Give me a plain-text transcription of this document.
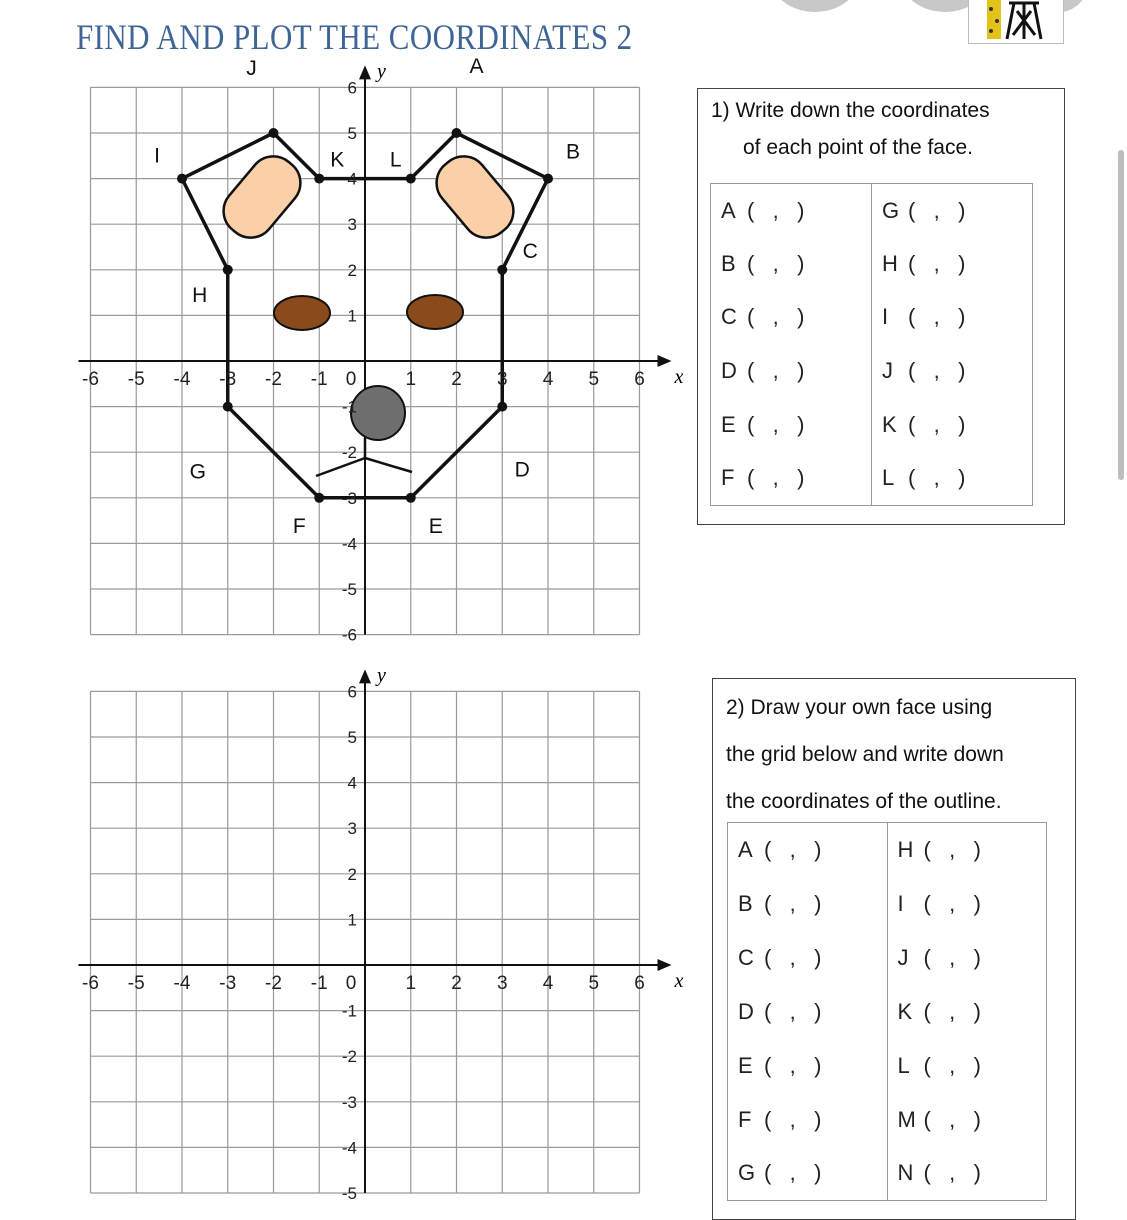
FIND AND PLOT THE COORDINATES 2
A
B
C
D
E
F
G
H
I
J
K L
x
y
-6 -5 -4 -3 -2 -1 0	1 2 3 4 5 6
6
5
4
3
2
1
-1
-2
-3
-4
-5
-6
x
y
-6 -5 -4 -3 -2 -1 0	1 2 3 4 5 6
6
5
4
3
2
1
-1
-2
-3
-4
-5
1) Write down the coordinates
of each point of the face.
A (   ,   )	G (   ,   )
B (   ,   )	H (   ,   )
C (   ,   )	I (   ,   )
D (   ,   )	J (   ,   )
E (   ,   )	K (   ,   )
F (   ,   )	L (   ,   )
2) Draw your own face using
the grid below and write down
the coordinates of the outline.
A (   ,   )	H (   ,   )
B (   ,   )	I (   ,   )
C (   ,   )	J (   ,   )
D (   ,   )	K (   ,   )
E (   ,   )	L (   ,   )
F (   ,   )	M (   ,   )
G (   ,   )	N (   ,   )
